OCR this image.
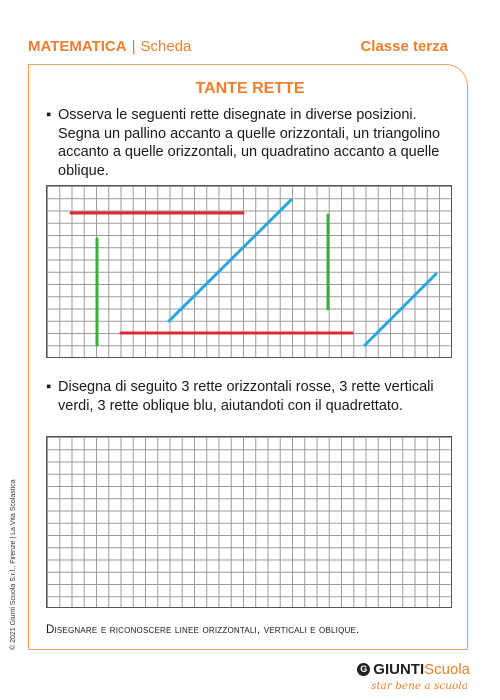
MATEMATICA | Scheda	Classe terza
TANTE RETTE
▪ Osserva le seguenti rette disegnate in diverse posizioni. Segna un pallino accanto a quelle orizzontali, un triangolino accanto a quelle orizzontali, un quadratino accanto a quelle oblique.
▪ Disegna di seguito 3 rette orizzontali rosse, 3 rette verticali verdi, 3 rette oblique blu, aiutandoti con il quadrettato.
Disegnare e riconoscere linee orizzontali, verticali e oblique.
© 2021 Giunti Scuola S.r.l., Firenze | La Vita Scolastica
G GIUNTI Scuola
star bene a scuola
